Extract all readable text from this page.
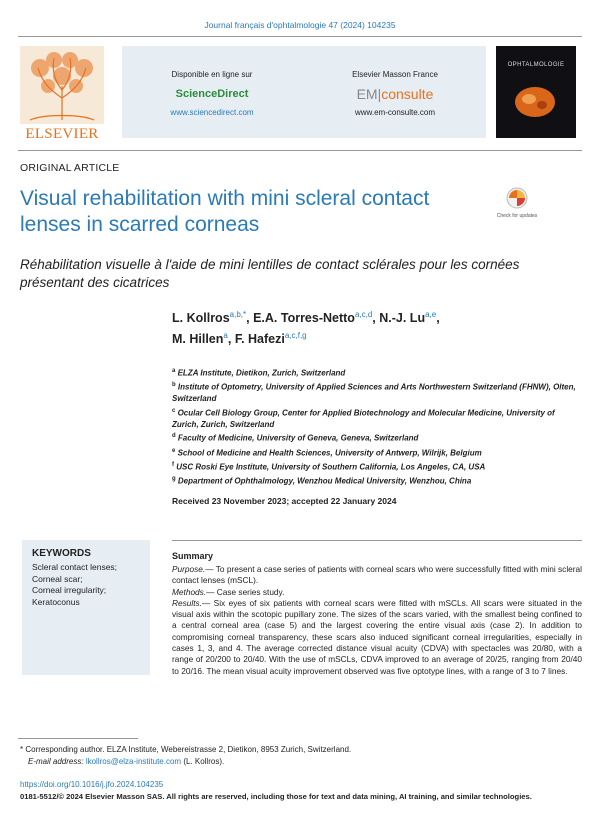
Journal français d'ophtalmologie 47 (2024) 104235
ELSEVIER
Disponible en ligne sur
ScienceDirect
www.sciencedirect.com
Elsevier Masson France
EM|consulte
www.em-consulte.com
OPHTALMOLOGIE
ORIGINAL ARTICLE
Visual rehabilitation with mini scleral contact lenses in scarred corneas	Check for updates
Réhabilitation visuelle à l'aide de mini lentilles de contact sclérales pour les cornées présentant des cicatrices
L. Kollros$^{a,b,*}$, E.A. Torres-Netto$^{a,c,d}$, N.-J. Lu$^{a,e}$,
M. Hillen$^a$, F. Hafezi$^{a,c,f,g}$
$^a$ ELZA Institute, Dietikon, Zurich, Switzerland
$^b$ Institute of Optometry, University of Applied Sciences and Arts Northwestern Switzerland (FHNW), Olten, Switzerland
$^c$ Ocular Cell Biology Group, Center for Applied Biotechnology and Molecular Medicine, University of Zurich, Zurich, Switzerland
$^d$ Faculty of Medicine, University of Geneva, Geneva, Switzerland
$^e$ School of Medicine and Health Sciences, University of Antwerp, Wilrijk, Belgium
$^f$ USC Roski Eye Institute, University of Southern California, Los Angeles, CA, USA
$^g$ Department of Ophthalmology, Wenzhou Medical University, Wenzhou, China
Received 23 November 2023; accepted 22 January 2024
KEYWORDS
Scleral contact lenses;
Corneal scar;
Corneal irregularity;
Keratoconus
Summary

Purpose.— To present a case series of patients with corneal scars who were successfully fitted with mini scleral contact lenses (mSCL).

Methods.— Case series study.

Results.— Six eyes of six patients with corneal scars were fitted with mSCLs. All scars were situated in the visual axis within the scotopic pupillary zone. The sizes of the scars varied, with the smallest being confined to a central corneal area (case 5) and the largest covering the entire visual axis (case 2). In addition to compromising corneal transparency, these scars also induced significant corneal irregularities, especially in cases 1, 3, and 4. The average corrected distance visual acuity (CDVA) with spectacles was 20/80, with a range of 20/200 to 20/40. With the use of mSCLs, CDVA improved to an average of 20/25, ranging from 20/40 to 20/16. The mean visual acuity improvement observed was five optotype lines, with a range of 3 to 7 lines.

* Corresponding author. ELZA Institute, Webereistrasse 2, Dietikon, 8953 Zurich, Switzerland.
E-mail address: lkollros@elza-institute.com (L. Kollros).
https://doi.org/10.1016/j.jfo.2024.104235
0181-5512/© 2024 Elsevier Masson SAS. All rights are reserved, including those for text and data mining, AI training, and similar technologies.
